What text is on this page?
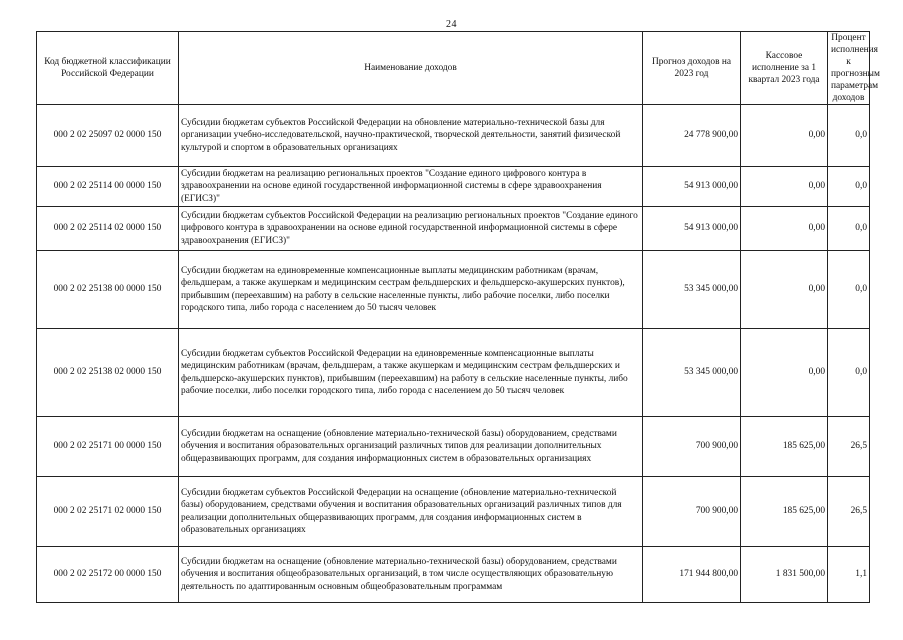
24
Код бюджетной классификации Российской Федерации	Наименование доходов	Прогноз доходов на 2023 год	Кассовое исполнение за 1 квартал 2023 года	Процент исполнения к прогнозным параметрам доходов
000 2 02 25097 02 0000 150	Субсидии бюджетам субъектов Российской Федерации на обновление материально-технической базы для организации учебно-исследовательской, научно-практической, творческой деятельности, занятий физической культурой и спортом в образовательных организациях	24 778 900,00	0,00	0,0
000 2 02 25114 00 0000 150	Субсидии бюджетам на реализацию региональных проектов "Создание единого цифрового контура в здравоохранении на основе единой государственной информационной системы в сфере здравоохранения (ЕГИСЗ)"	54 913 000,00	0,00	0,0
000 2 02 25114 02 0000 150	Субсидии бюджетам субъектов Российской Федерации на реализацию региональных проектов "Создание единого цифрового контура в здравоохранении на основе единой государственной информационной системы в сфере здравоохранения (ЕГИСЗ)"	54 913 000,00	0,00	0,0
000 2 02 25138 00 0000 150	Субсидии бюджетам на единовременные компенсационные выплаты медицинским работникам (врачам, фельдшерам, а также акушеркам и медицинским сестрам фельдшерских и фельдшерско-акушерских пунктов), прибывшим (переехавшим) на работу в сельские населенные пункты, либо рабочие поселки, либо поселки городского типа, либо города с населением до 50 тысяч человек	53 345 000,00	0,00	0,0
000 2 02 25138 02 0000 150	Субсидии бюджетам субъектов Российской Федерации на единовременные компенсационные выплаты медицинским работникам (врачам, фельдшерам, а также акушеркам и медицинским сестрам фельдшерских и фельдшерско-акушерских пунктов), прибывшим (переехавшим) на работу в сельские населенные пункты, либо рабочие поселки, либо поселки городского типа, либо города с населением до 50 тысяч человек	53 345 000,00	0,00	0,0
000 2 02 25171 00 0000 150	Субсидии бюджетам на оснащение (обновление материально-технической базы) оборудованием, средствами обучения и воспитания образовательных организаций различных типов для реализации дополнительных общеразвивающих программ, для создания информационных систем в образовательных организациях	700 900,00	185 625,00	26,5
000 2 02 25171 02 0000 150	Субсидии бюджетам субъектов Российской Федерации на оснащение (обновление материально-технической базы) оборудованием, средствами обучения и воспитания образовательных организаций различных типов для реализации дополнительных общеразвивающих программ, для создания информационных систем в образовательных организациях	700 900,00	185 625,00	26,5
000 2 02 25172 00 0000 150	Субсидии бюджетам на оснащение (обновление материально-технической базы) оборудованием, средствами обучения и воспитания общеобразовательных организаций, в том числе осуществляющих образовательную деятельность по адаптированным основным общеобразовательным программам	171 944 800,00	1 831 500,00	1,1
